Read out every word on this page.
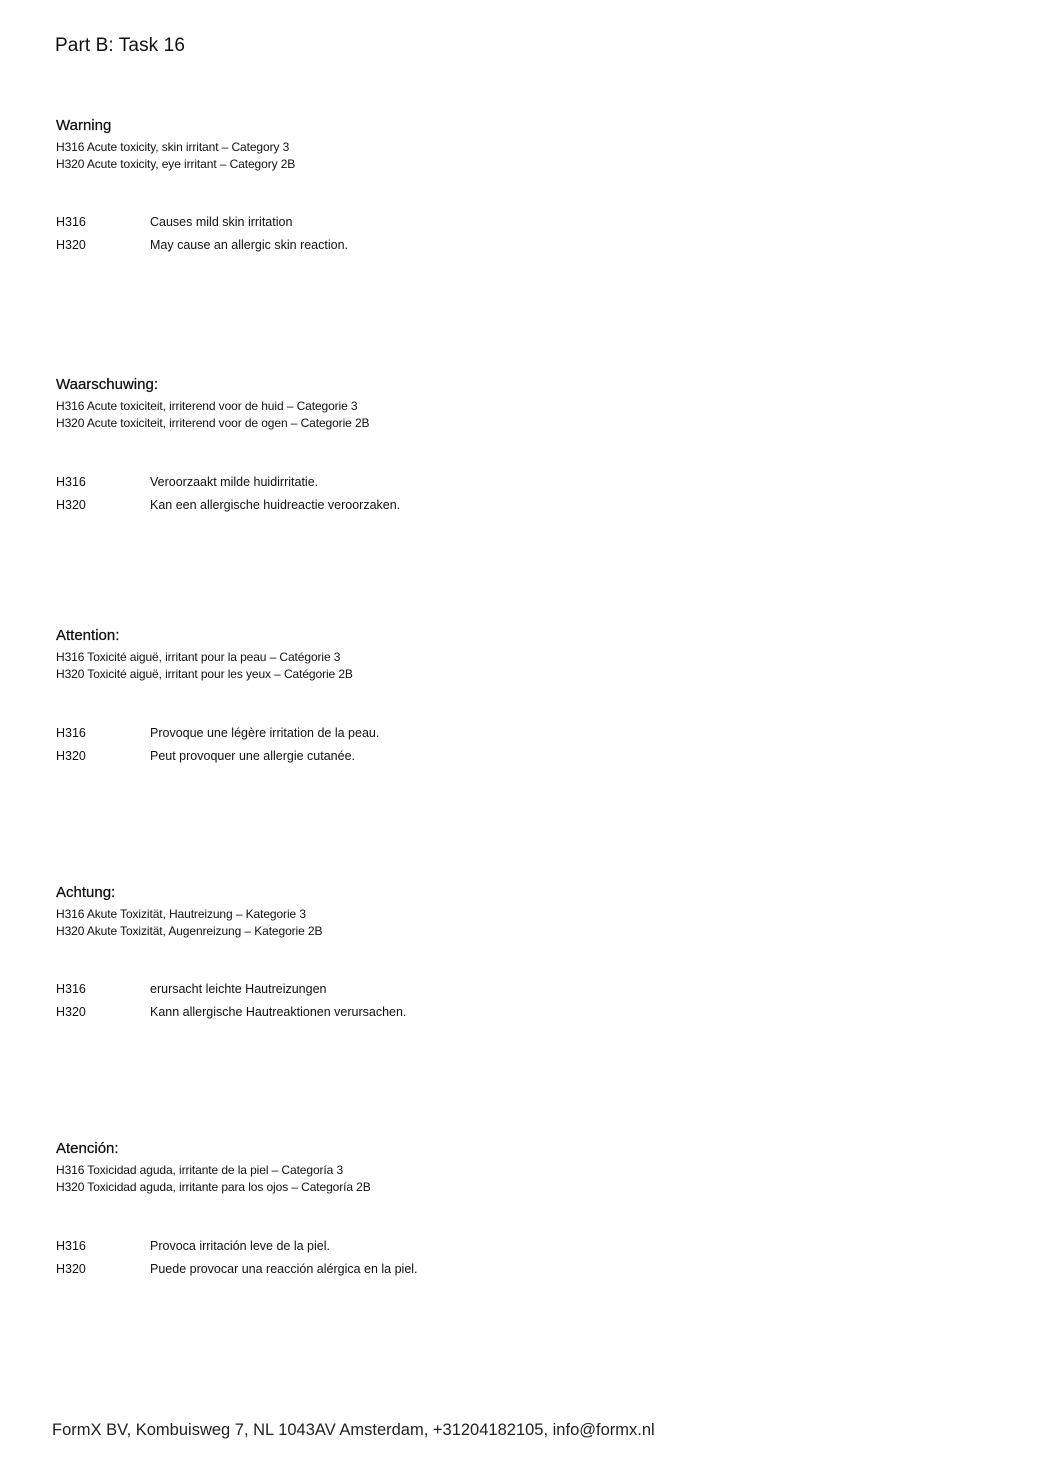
Part B: Task 16
Warning
H316 Acute toxicity, skin irritant – Category 3
H320 Acute toxicity, eye irritant – Category 2B
H316	Causes mild skin irritation
H320	May cause an allergic skin reaction.
Waarschuwing:
H316 Acute toxiciteit, irriterend voor de huid – Categorie 3
H320 Acute toxiciteit, irriterend voor de ogen – Categorie 2B
H316	Veroorzaakt milde huidirritatie.
H320	Kan een allergische huidreactie veroorzaken.
Attention:
H316 Toxicité aiguë, irritant pour la peau – Catégorie 3
H320 Toxicité aiguë, irritant pour les yeux – Catégorie 2B
H316	Provoque une légère irritation de la peau.
H320	Peut provoquer une allergie cutanée.
Achtung:
H316 Akute Toxizität, Hautreizung – Kategorie 3
H320 Akute Toxizität, Augenreizung – Kategorie 2B
H316	erursacht leichte Hautreizungen
H320	Kann allergische Hautreaktionen verursachen.
Atención:
H316 Toxicidad aguda, irritante de la piel – Categoría 3
H320 Toxicidad aguda, irritante para los ojos – Categoría 2B
H316	Provoca irritación leve de la piel.
H320	Puede provocar una reacción alérgica en la piel.
FormX BV, Kombuisweg 7, NL 1043AV Amsterdam, +31204182105, info@formx.nl
